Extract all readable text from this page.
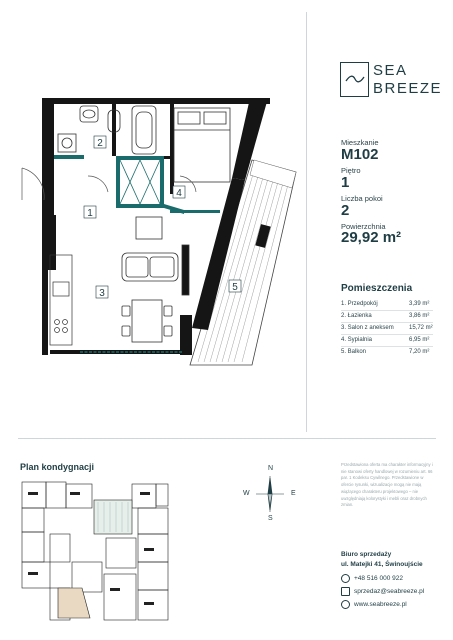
2
1
3
4
5
SEA
BREEZE
Mieszkanie
M102
Piętro
1
Liczba pokoi
2
Powierzchnia
29,92 m²
Pomieszczenia
1. Przedpokój	3,39 m²
2. Łazienka	3,86 m²
3. Salon z aneksem	15,72 m²
4. Sypialnia	6,95 m²
5. Balkon	7,20 m²
Plan kondygnacji	N
S
W	E
Przedstawiona oferta ma charakter informacyjny i nie stanowi oferty handlowej w rozumieniu art. 66 par. 1 Kodeksu Cywilnego. Przedstawione w ofercie rysunki, wizualizacje mogą nie mają wiążącego charakteru projektowego – nie uwzględniają kolorystyki i mebli oraz drobnych zmian.
Biuro sprzedaży
ul. Matejki 41, Świnoujście
+48 516 000 922
sprzedaz@seabreeze.pl
www.seabreeze.pl
